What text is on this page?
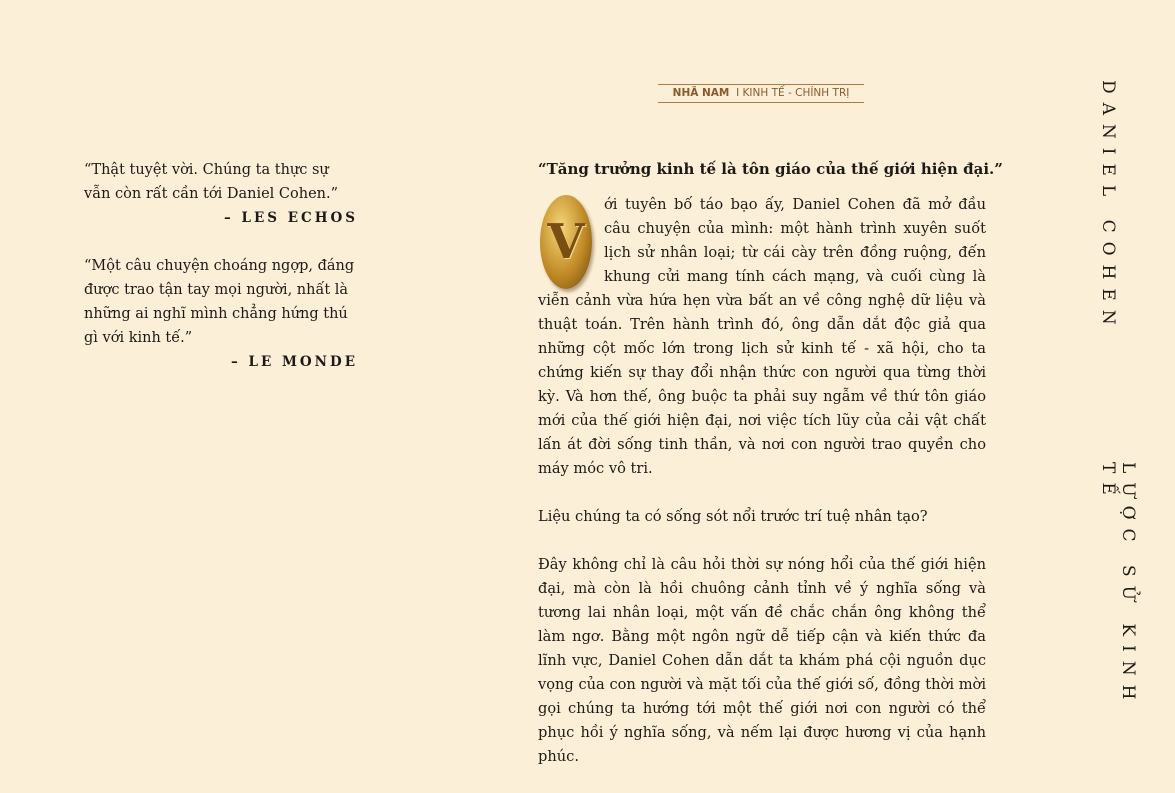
NHÃ NAM I KINH TẾ - CHÍNH TRỊ
“Thật tuyệt vời. Chúng ta thực sự vẫn còn rất cần tới Daniel Cohen.”
– LES ECHOS
“Một câu chuyện choáng ngợp, đáng được trao tận tay mọi người, nhất là những ai nghĩ mình chẳng hứng thú gì với kinh tế.”
– LE MONDE
“Tăng trưởng kinh tế là tôn giáo của thế giới hiện đại.”

V
ới tuyên bố táo bạo ấy, Daniel Cohen đã mở đầu câu chuyện của mình: một hành trình xuyên suốt lịch sử nhân loại; từ cái cày trên đồng ruộng, đến khung cửi mang tính cách mạng, và cuối cùng là viễn cảnh vừa hứa hẹn vừa bất an về công nghệ dữ liệu và thuật toán. Trên hành trình đó, ông dẫn dắt độc giả qua những cột mốc lớn trong lịch sử kinh tế - xã hội, cho ta chứng kiến sự thay đổi nhận thức con người qua từng thời kỳ. Và hơn thế, ông buộc ta phải suy ngẫm về thứ tôn giáo mới của thế giới hiện đại, nơi việc tích lũy của cải vật chất lấn át đời sống tinh thần, và nơi con người trao quyền cho máy móc vô tri.

Liệu chúng ta có sống sót nổi trước trí tuệ nhân tạo?

Đây không chỉ là câu hỏi thời sự nóng hổi của thế giới hiện đại, mà còn là hồi chuông cảnh tỉnh về ý nghĩa sống và tương lai nhân loại, một vấn đề chắc chắn ông không thể làm ngơ. Bằng một ngôn ngữ dễ tiếp cận và kiến thức đa lĩnh vực, Daniel Cohen dẫn dắt ta khám phá cội nguồn dục vọng của con người và mặt tối của thế giới số, đồng thời mời gọi chúng ta hướng tới một thế giới nơi con người có thể phục hồi ý nghĩa sống, và nếm lại được hương vị của hạnh phúc.

DANIEL COHEN
LƯỢC SỬ KINH TẾ
